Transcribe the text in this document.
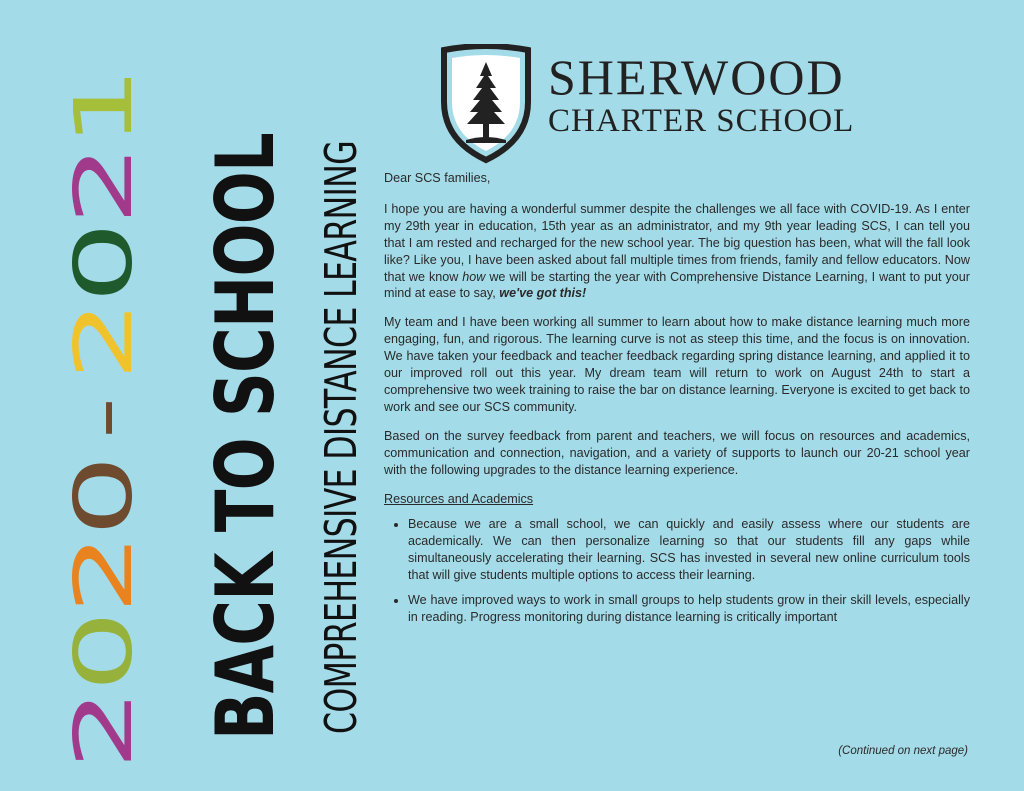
2
0
2
0
-
2
0
2
1
BACK TO SCHOOL COMPREHENSIVE DISTANCE LEARNING
SHERWOOD
CHARTER SCHOOL

Dear SCS families,

I hope you are having a wonderful summer despite the challenges we all face with COVID-19. As I enter my 29th year in education, 15th year as an administrator, and my 9th year leading SCS, I can tell you that I am rested and recharged for the new school year. The big question has been, what will the fall look like? Like you, I have been asked about fall multiple times from friends, family and fellow educators. Now that we know how we will be starting the year with Comprehensive Distance Learning, I want to put your mind at ease to say, we've got this!

My team and I have been working all summer to learn about how to make distance learning much more engaging, fun, and rigorous. The learning curve is not as steep this time, and the focus is on innovation. We have taken your feedback and teacher feedback regarding spring distance learning, and applied it to our improved roll out this year. My dream team will return to work on August 24th to start a comprehensive two week training to raise the bar on distance learning. Everyone is excited to get back to work and see our SCS community.

Based on the survey feedback from parent and teachers, we will focus on resources and academics, communication and connection, navigation, and a variety of supports to launch our 20-21 school year with the following upgrades to the distance learning experience.

Resources and Academics
• Because we are a small school, we can quickly and easily assess where our students are academically. We can then personalize learning so that our students fill any gaps while simultaneously accelerating their learning. SCS has invested in several new online curriculum tools that will give students multiple options to access their learning.
• We have improved ways to work in small groups to help students grow in their skill levels, especially in reading. Progress monitoring during distance learning is critically important
(Continued on next page)
